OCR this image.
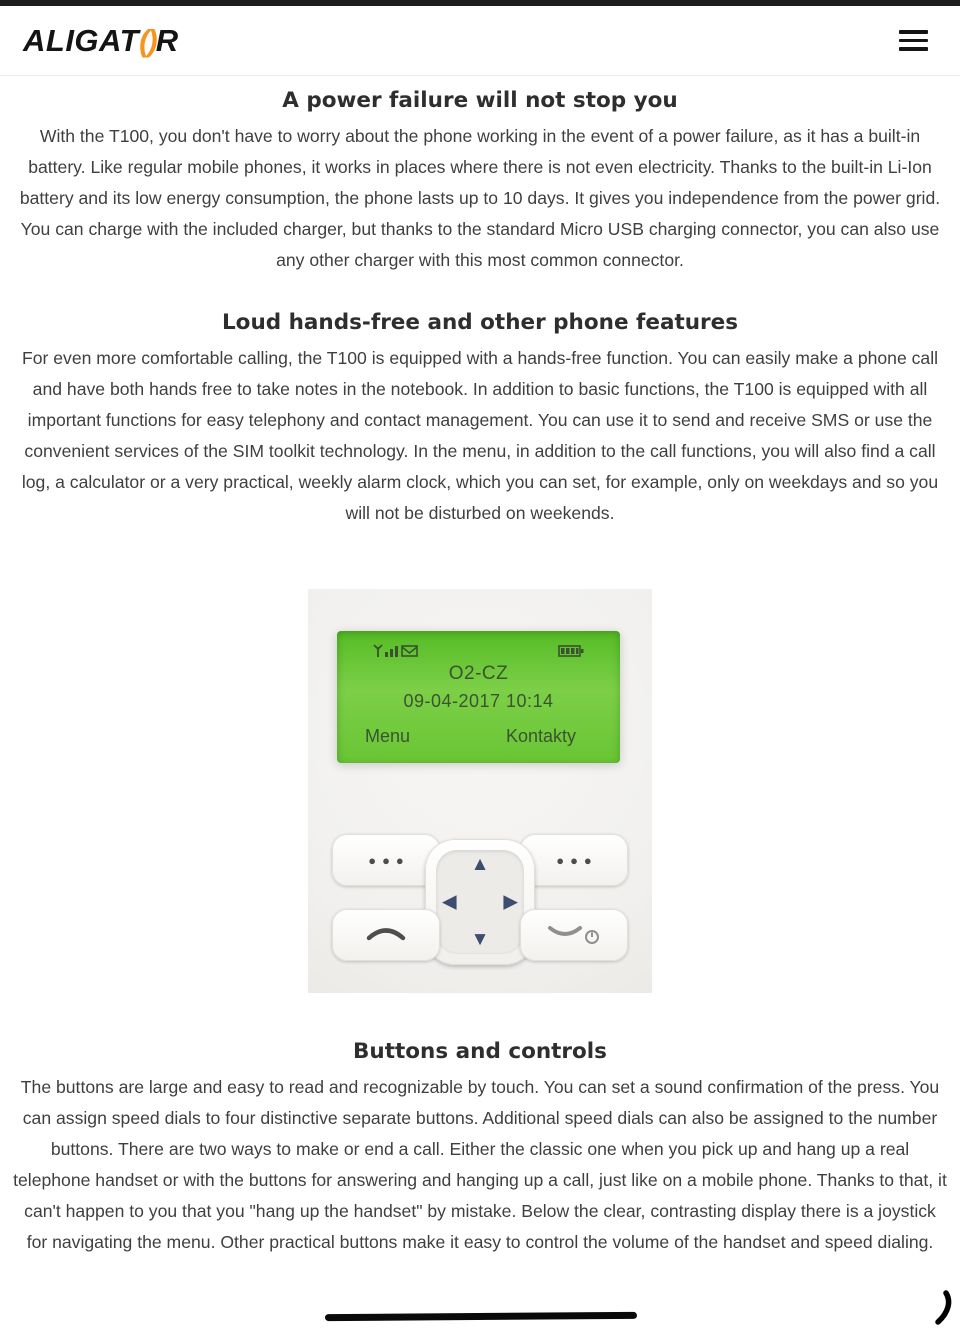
ALIGAT()R
A power failure will not stop you

With the T100, you don't have to worry about the phone working in the event of a power failure, as it has a built-in battery. Like regular mobile phones, it works in places where there is not even electricity. Thanks to the built-in Li-Ion battery and its low energy consumption, the phone lasts up to 10 days. It gives you independence from the power grid. You can charge with the included charger, but thanks to the standard Micro USB charging connector, you can also use any other charger with this most common connector.

Loud hands-free and other phone features

For even more comfortable calling, the T100 is equipped with a hands-free function. You can easily make a phone call and have both hands free to take notes in the notebook. In addition to basic functions, the T100 is equipped with all important functions for easy telephony and contact management. You can use it to send and receive SMS or use the convenient services of the SIM toolkit technology. In the menu, in addition to the call functions, you will also find a call log, a calculator or a very practical, weekly alarm clock, which you can set, for example, only on weekdays and so you will not be disturbed on weekends.

O2-CZ
09-04-2017 10:14
Menu	Kontakty
●●●	●●●
▲
▼
◀ ▶
Buttons and controls

The buttons are large and easy to read and recognizable by touch. You can set a sound confirmation of the press. You can assign speed dials to four distinctive separate buttons. Additional speed dials can also be assigned to the number buttons. There are two ways to make or end a call. Either the classic one when you pick up and hang up a real telephone handset or with the buttons for answering and hanging up a call, just like on a mobile phone. Thanks to that, it can't happen to you that you "hang up the handset" by mistake. Below the clear, contrasting display there is a joystick for navigating the menu. Other practical buttons make it easy to control the volume of the handset and speed dialing.
